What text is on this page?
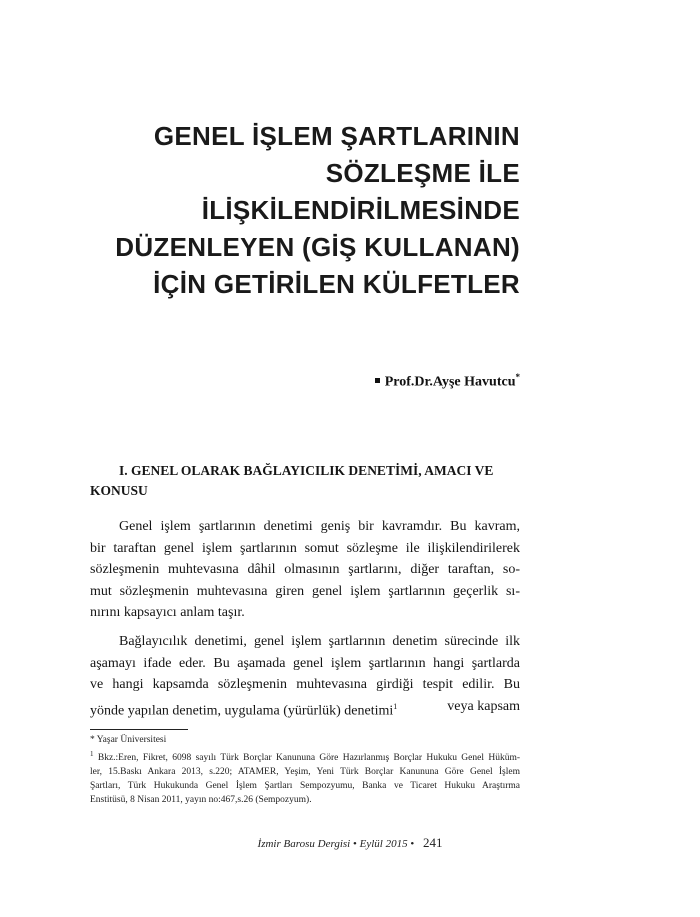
GENEL İŞLEM ŞARTLARININ
SÖZLEŞME İLE
İLİŞKİLENDİRİLMESİNDE
DÜZENLEYEN (GİŞ KULLANAN)
İÇİN GETİRİLEN KÜLFETLER
Prof.Dr.Ayşe Havutcu*
I. GENEL OLARAK BAĞLAYICILIK DENETİMİ, AMACI VE
KONUSU
Genel işlem şartlarının denetimi geniş bir kavramdır. Bu kavram,
bir taraftan genel işlem şartlarının somut sözleşme ile ilişkilendirilerek
sözleşmenin muhtevasına dâhil olmasının şartlarını, diğer taraftan, so-
mut sözleşmenin muhtevasına giren genel işlem şartlarının geçerlik sı-
nırını kapsayıcı anlam taşır.
Bağlayıcılık denetimi, genel işlem şartlarının denetim sürecinde ilk
aşamayı ifade eder. Bu aşamada genel işlem şartlarının hangi şartlarda
ve hangi kapsamda sözleşmenin muhtevasına girdiği tespit edilir. Bu
yönde yapılan denetim, uygulama (yürürlük) denetimi$^1$	veya kapsam
* Yaşar Üniversitesi
$^1$ Bkz.:Eren, Fikret, 6098 sayılı Türk Borçlar Kanununa Göre Hazırlanmış Borçlar Hukuku Genel Hüküm-
ler, 15.Baskı Ankara 2013, s.220; ATAMER, Yeşim, Yeni Türk Borçlar Kanununa Göre Genel İşlem
Şartları, Türk Hukukunda Genel İşlem Şartları Sempozyumu, Banka ve Ticaret Hukuku Araştırma
Enstitüsü, 8 Nisan 2011, yayın no:467,s.26 (Sempozyum).
İzmir Barosu Dergisi • Eylül 2015 • 241
